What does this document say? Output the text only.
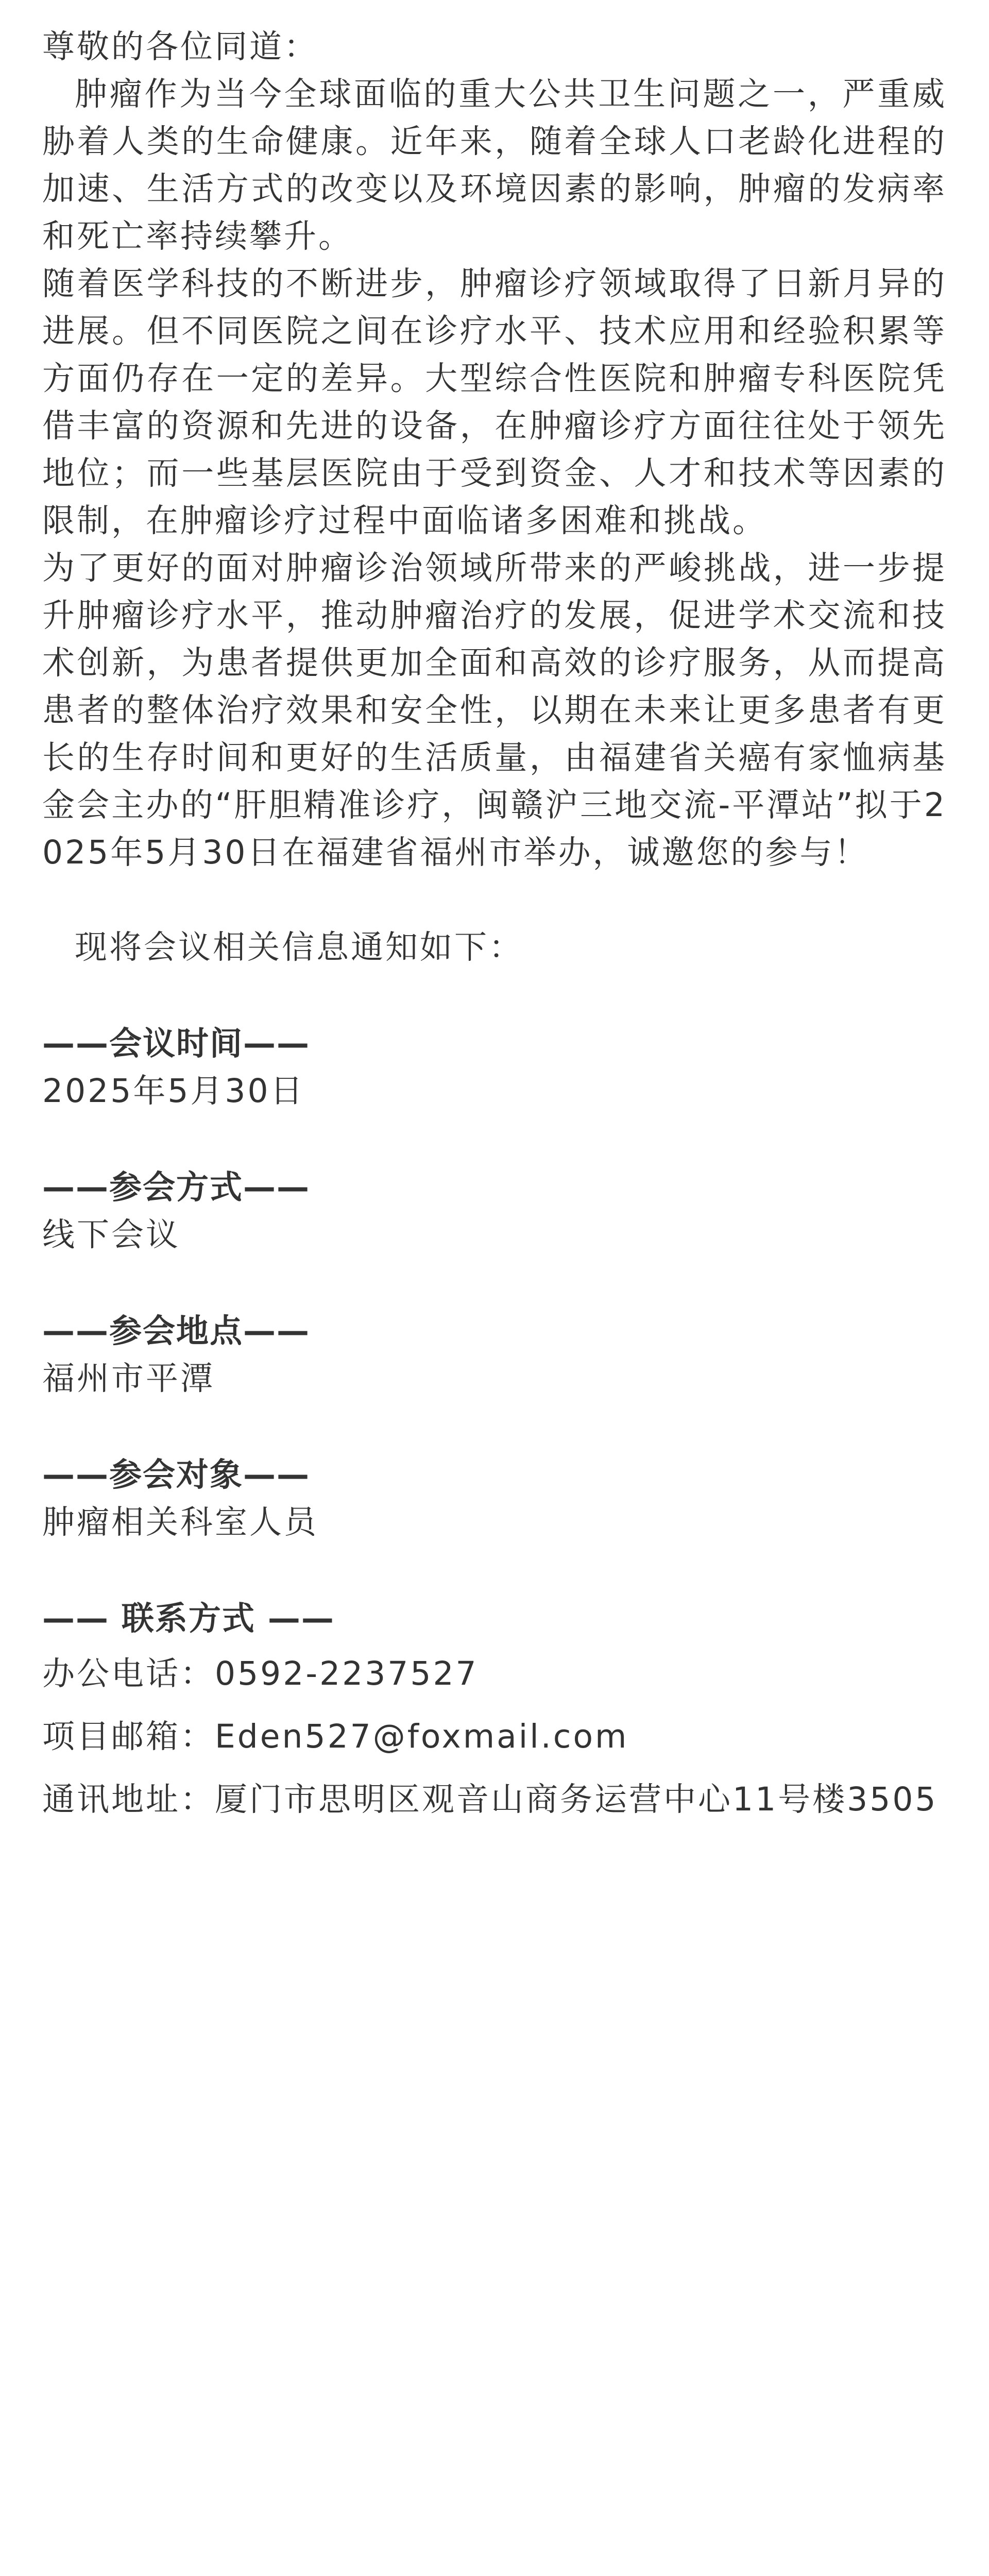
尊敬的各位同道：

肿瘤作为当今全球面临的重大公共卫生问题之一，严重威胁着人类的生命健康。近年来，随着全球人口老龄化进程的加速、生活方式的改变以及环境因素的影响，肿瘤的发病率和死亡率持续攀升。

随着医学科技的不断进步，肿瘤诊疗领域取得了日新月异的进展。但不同医院之间在诊疗水平、技术应用和经验积累等方面仍存在一定的差异。大型综合性医院和肿瘤专科医院凭借丰富的资源和先进的设备，在肿瘤诊疗方面往往处于领先地位；而一些基层医院由于受到资金、人才和技术等因素的限制，在肿瘤诊疗过程中面临诸多困难和挑战。

为了更好的面对肿瘤诊治领域所带来的严峻挑战，进一步提升肿瘤诊疗水平，推动肿瘤治疗的发展，促进学术交流和技术创新，为患者提供更加全面和高效的诊疗服务，从而提高患者的整体治疗效果和安全性，以期在未来让更多患者有更长的生存时间和更好的生活质量，由福建省关癌有家恤病基金会主办的“肝胆精准诊疗，闽赣沪三地交流-平潭站”拟于2025年5月30日在福建省福州市举办，诚邀您的参与！

现将会议相关信息通知如下：

——会议时间——

2025年5月30日

——参会方式——

线下会议

——参会地点——

福州市平潭

——参会对象——

肿瘤相关科室人员

—— 联系方式 ——

办公电话：0592-2237527

项目邮箱：Eden527@foxmail.com

通讯地址：厦门市思明区观音山商务运营中心11号楼3505
